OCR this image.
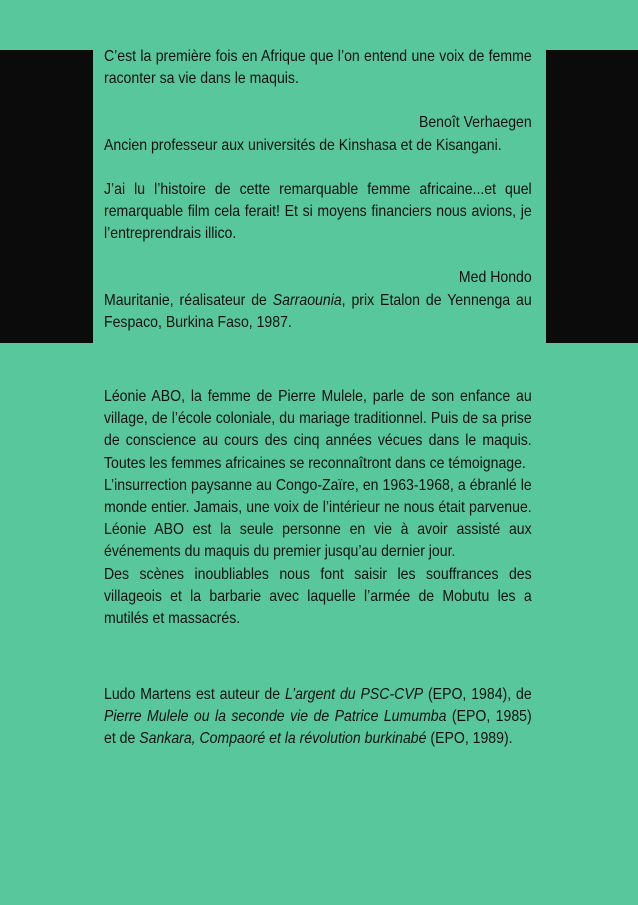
C’est la première fois en Afrique que l’on entend une voix de femme raconter sa vie dans le maquis.

Benoît Verhaegen

Ancien professeur aux universités de Kinshasa et de Kisangani.

J’ai lu l’histoire de cette remarquable femme africaine...et quel remarquable film cela ferait! Et si moyens financiers nous avions, je l’entreprendrais illico.

Med Hondo

Mauritanie, réalisateur de Sarraounia, prix Etalon de Yennenga au Fespaco, Burkina Faso, 1987.

Léonie ABO, la femme de Pierre Mulele, parle de son enfance au village, de l’école coloniale, du mariage traditionnel. Puis de sa prise de conscience au cours des cinq années vécues dans le maquis. Toutes les femmes africaines se reconnaîtront dans ce témoignage.

L’insurrection paysanne au Congo-Zaïre, en 1963-1968, a ébranlé le monde entier. Jamais, une voix de l’intérieur ne nous était parvenue. Léonie ABO est la seule personne en vie à avoir assisté aux événements du maquis du premier jusqu’au dernier jour.

Des scènes inoubliables nous font saisir les souffrances des villageois et la barbarie avec laquelle l’armée de Mobutu les a mutilés et massacrés.

Ludo Martens est auteur de L’argent du PSC-CVP (EPO, 1984), de Pierre Mulele ou la seconde vie de Patrice Lumumba (EPO, 1985) et de Sankara, Compaoré et la révolution burkinabé (EPO, 1989).
